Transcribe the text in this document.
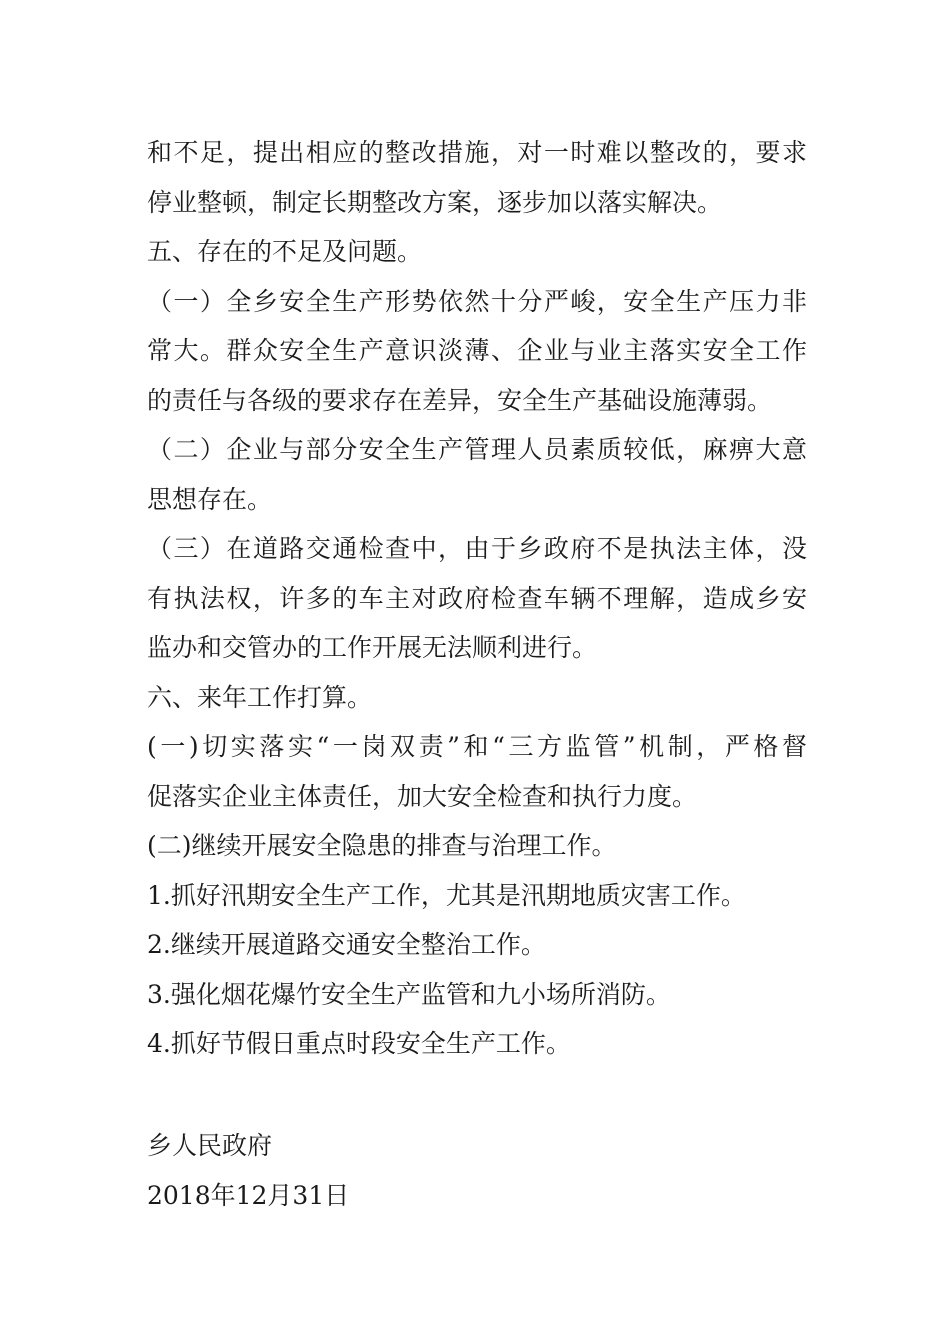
和不足，提出相应的整改措施，对一时难以整改的，要求
停业整顿，制定长期整改方案，逐步加以落实解决。
五、存在的不足及问题。
（一）全乡安全生产形势依然十分严峻，安全生产压力非
常大。群众安全生产意识淡薄、企业与业主落实安全工作
的责任与各级的要求存在差异，安全生产基础设施薄弱。
（二）企业与部分安全生产管理人员素质较低，麻痹大意
思想存在。
（三）在道路交通检查中，由于乡政府不是执法主体，没
有执法权，许多的车主对政府检查车辆不理解，造成乡安
监办和交管办的工作开展无法顺利进行。
六、来年工作打算。
(一)切实落实“一岗双责”和“三方监管”机制，严格督
促落实企业主体责任，加大安全检查和执行力度。
(二)继续开展安全隐患的排查与治理工作。
1.抓好汛期安全生产工作，尤其是汛期地质灾害工作。
2.继续开展道路交通安全整治工作。
3.强化烟花爆竹安全生产监管和九小场所消防。
4.抓好节假日重点时段安全生产工作。
乡人民政府
2018年12月31日
